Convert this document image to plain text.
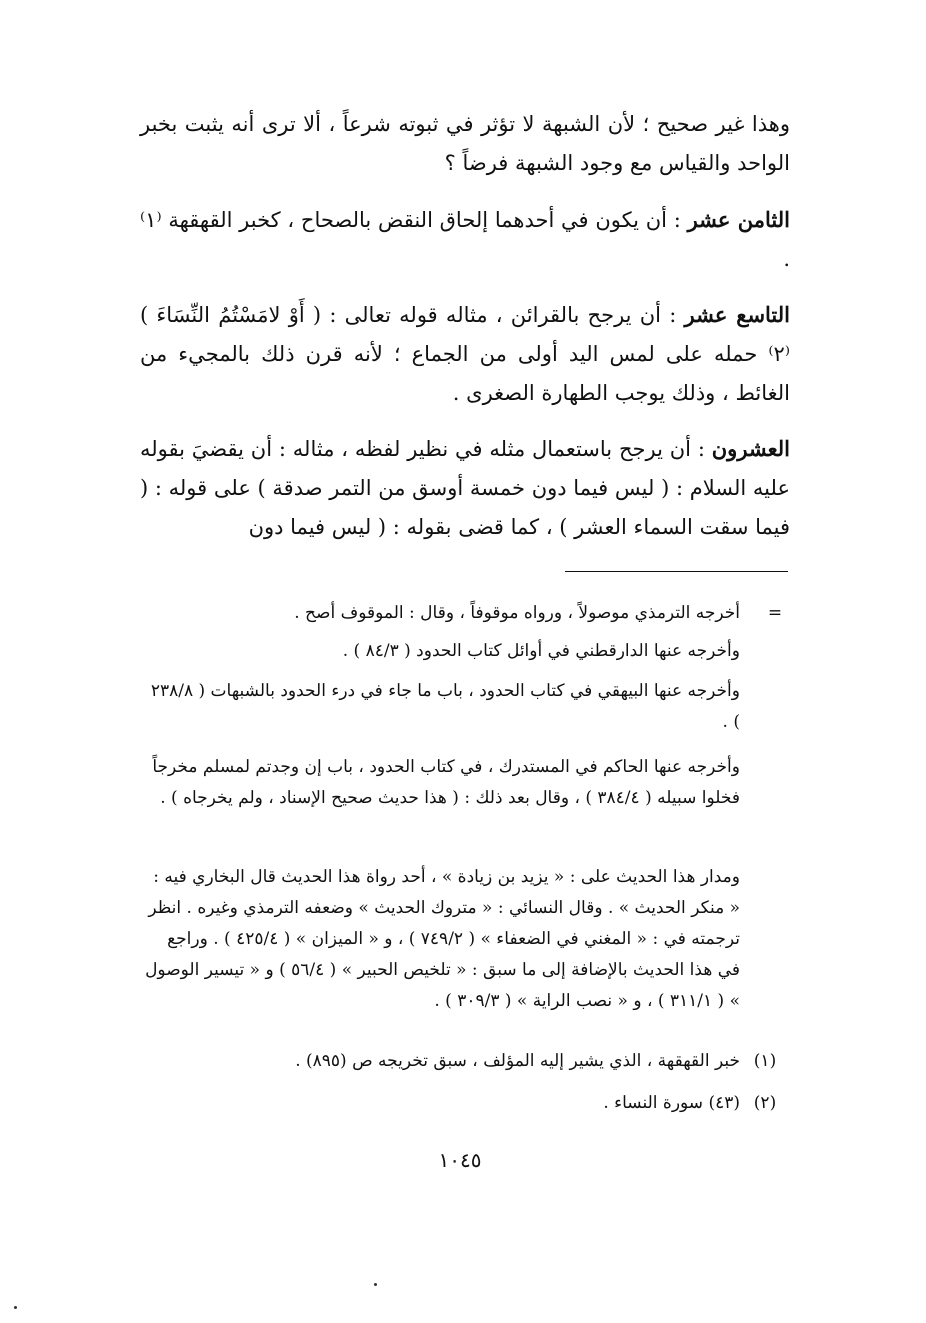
وهذا غير صحيح ؛ لأن الشبهة لا تؤثر في ثبوته شرعاً ، ألا ترى أنه يثبت بخبر الواحد والقياس مع وجود الشبهة فرضاً ؟
الثامن عشر : أن يكون في أحدهما إلحاق النقض بالصحاح ، كخبر القهقهة ⁽١⁾ .
التاسع عشر : أن يرجح بالقرائن ، مثاله قوله تعالى : ( أَوْ لامَسْتُمُ النِّسَاءَ ) ⁽٢⁾ حمله على لمس اليد أولى من الجماع ؛ لأنه قرن ذلك بالمجيء من الغائط ، وذلك يوجب الطهارة الصغرى .
العشرون : أن يرجح باستعمال مثله في نظير لفظه ، مثاله : أن يقضيَ بقوله عليه السلام : ( ليس فيما دون خمسة أوسق من التمر صدقة ) على قوله : ( فيما سقت السماء العشر ) ، كما قضى بقوله : ( ليس فيما دون
=
أخرجه الترمذي موصولاً ، ورواه موقوفاً ، وقال : الموقوف أصح .
وأخرجه عنها الدارقطني في أوائل كتاب الحدود ( ٨٤/٣ ) .
وأخرجه عنها البيهقي في كتاب الحدود ، باب ما جاء في درء الحدود بالشبهات ( ٢٣٨/٨ ) .
وأخرجه عنها الحاكم في المستدرك ، في كتاب الحدود ، باب إن وجدتم لمسلم مخرجاً فخلوا سبيله ( ٣٨٤/٤ ) ، وقال بعد ذلك : ( هذا حديث صحيح الإسناد ، ولم يخرجاه ) .
ومدار هذا الحديث على : « يزيد بن زيادة » ، أحد رواة هذا الحديث قال البخاري فيه : « منكر الحديث » . وقال النسائي : « متروك الحديث » وضعفه الترمذي وغيره . انظر ترجمته في : « المغني في الضعفاء » ( ٧٤٩/٢ ) ، و « الميزان » ( ٤٢٥/٤ ) . وراجع في هذا الحديث بالإضافة إلى ما سبق : « تلخيص الحبير » ( ٥٦/٤ ) و « تيسير الوصول » ( ٣١١/١ ) ، و « نصب الراية » ( ٣٠٩/٣ ) .
(١)
خبر القهقهة ، الذي يشير إليه المؤلف ، سبق تخريجه ص (٨٩٥) .
(٢)
(٤٣) سورة النساء .
١٠٤٥
